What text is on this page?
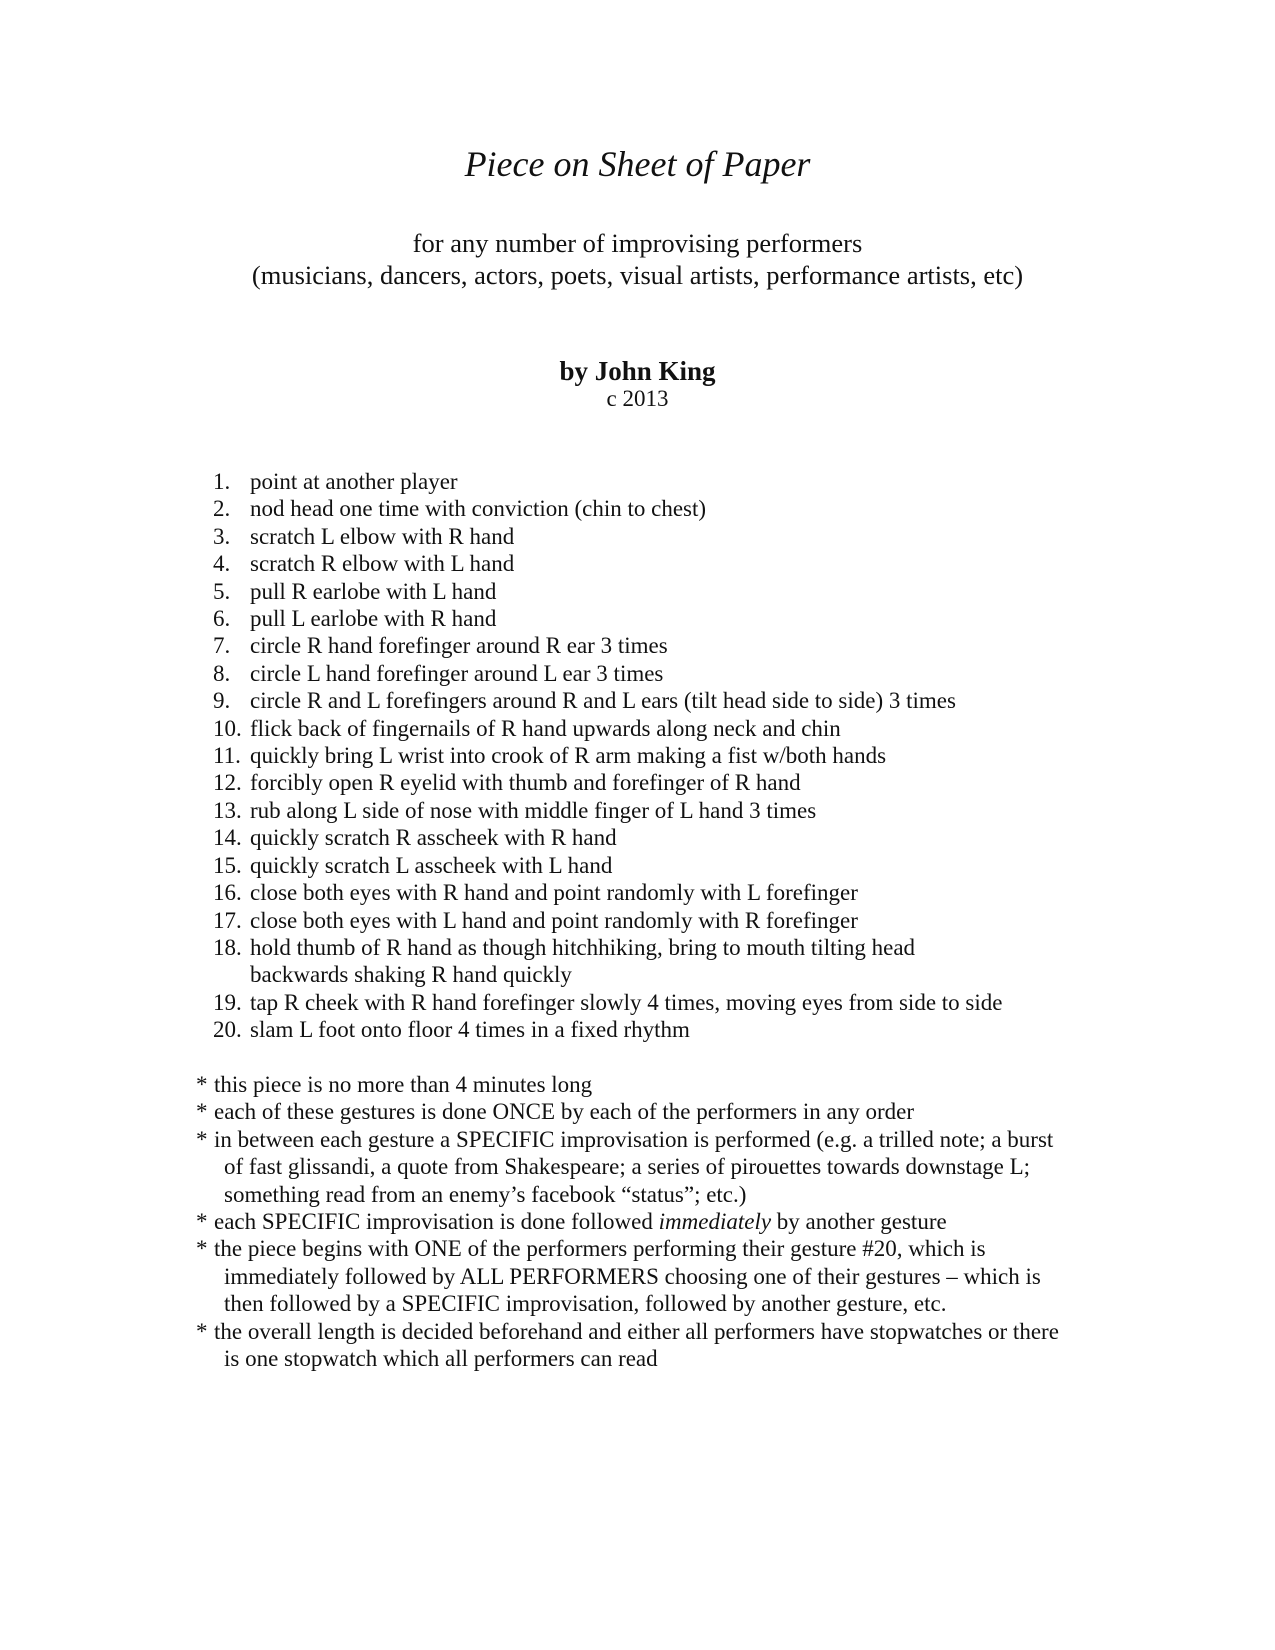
Piece on Sheet of Paper
for any number of improvising performers
(musicians, dancers, actors, poets, visual artists, performance artists, etc)
by John King
c 2013
1. point at another player
2. nod head one time with conviction (chin to chest)
3. scratch L elbow with R hand
4. scratch R elbow with L hand
5. pull R earlobe with L hand
6. pull L earlobe with R hand
7. circle R hand forefinger around R ear 3 times
8. circle L hand forefinger around L ear 3 times
9. circle R and L forefingers around R and L ears (tilt head side to side) 3 times
10. flick back of fingernails of R hand upwards along neck and chin
11. quickly bring L wrist into crook of R arm making a fist w/both hands
12. forcibly open R eyelid with thumb and forefinger of R hand
13. rub along L side of nose with middle finger of L hand 3 times
14. quickly scratch R asscheek with R hand
15. quickly scratch L asscheek with L hand
16. close both eyes with R hand and point randomly with L forefinger
17. close both eyes with L hand and point randomly with R forefinger
18. hold thumb of R hand as though hitchhiking, bring to mouth tilting head backwards shaking R hand quickly
19. tap R cheek with R hand forefinger slowly 4 times, moving eyes from side to side
20. slam L foot onto floor 4 times in a fixed rhythm
* this piece is no more than 4 minutes long
* each of these gestures is done ONCE by each of the performers in any order
* in between each gesture a SPECIFIC improvisation is performed (e.g. a trilled note; a burst of fast glissandi, a quote from Shakespeare; a series of pirouettes towards downstage L; something read from an enemy’s facebook “status”; etc.)
* each SPECIFIC improvisation is done followed immediately by another gesture
* the piece begins with ONE of the performers performing their gesture #20, which is immediately followed by ALL PERFORMERS choosing one of their gestures – which is then followed by a SPECIFIC improvisation, followed by another gesture, etc.
* the overall length is decided beforehand and either all performers have stopwatches or there is one stopwatch which all performers can read
